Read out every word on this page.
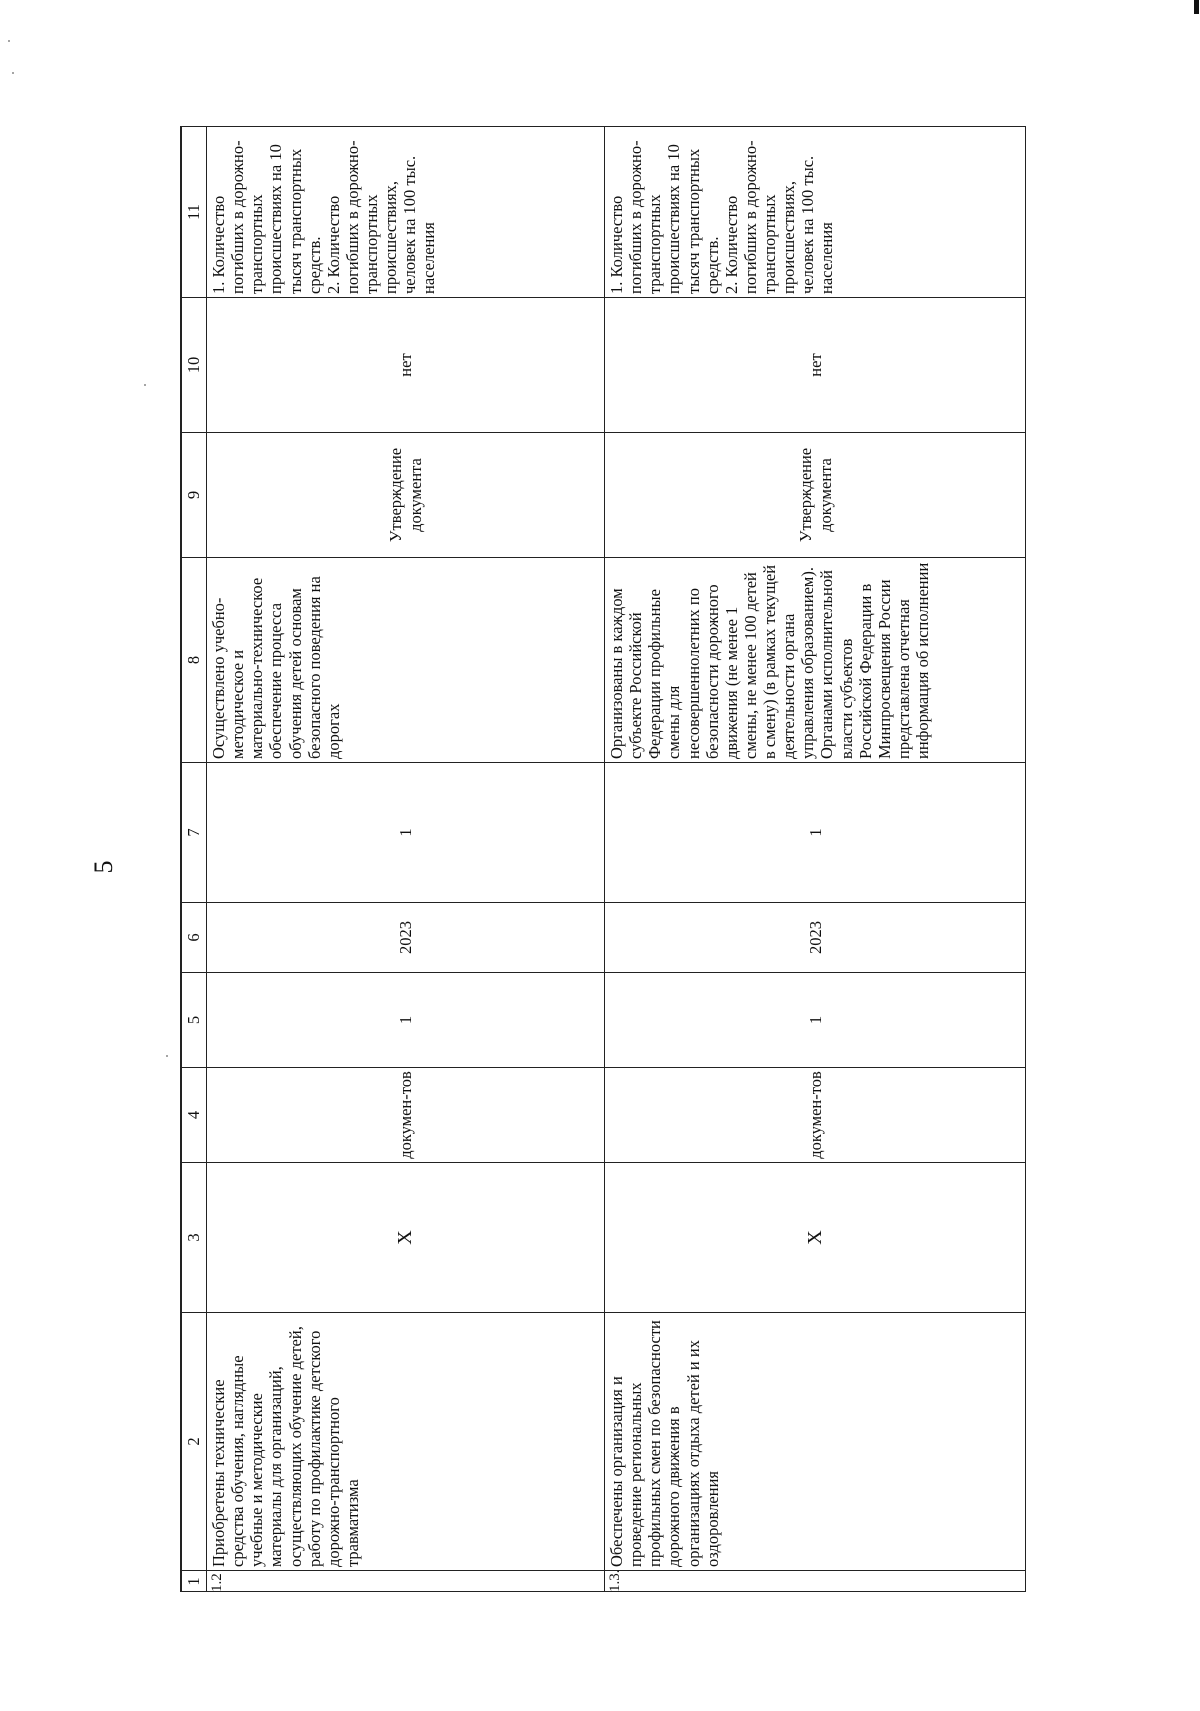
5
1	2	3	4	5	6	7	8	9	10	11
1.2	Приобретены технические средства обучения, наглядные учебные и методические материалы для организаций, осуществляющих обучение детей, работу по профилактике детского дорожно-транспортного травматизма	Х	докумен-тов	1	2023	1	Осуществлено учебно-методическое и материально-техническое обеспечение процесса обучения детей основам безопасного поведения на дорогах	Утверждение документа	нет	1. Количество погибших в дорожно-транспортных происшествиях на 10 тысяч транспортных средств.
2. Количество погибших в дорожно-транспортных происшествиях, человек на 100 тыс. населения
1.3.	Обеспечены организация и проведение региональных профильных смен по безопасности дорожного движения в организациях отдыха детей и их оздоровления	Х	докумен-тов	1	2023	1	Организованы в каждом субъекте Российской Федерации профильные смены для несовершеннолетних по безопасности дорожного движения (не менее 1 смены, не менее 100 детей в смену) (в рамках текущей деятельности органа управления образованием).
Органами исполнительной власти субъектов Российской Федерации в Минпросвещения России представлена отчетная информация об исполнении	Утверждение документа	нет	1. Количество погибших в дорожно-транспортных происшествиях на 10 тысяч транспортных средств.
2. Количество погибших в дорожно-транспортных происшествиях, человек на 100 тыс. населения
